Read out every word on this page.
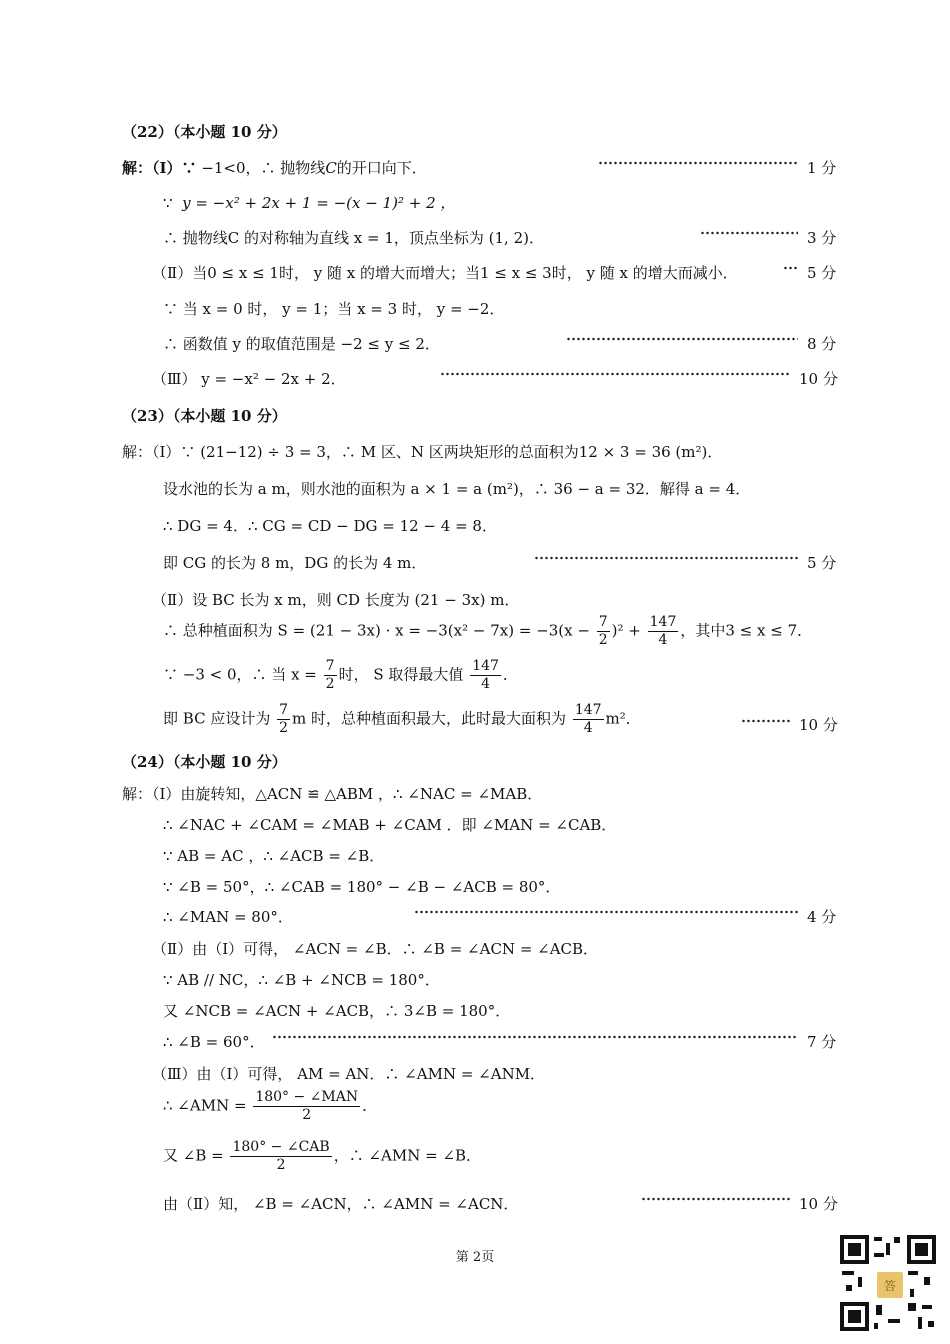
（22）（本小题 10 分）
解：（Ⅰ）∵ −1<0，∴ 抛物线C的开口向下．	1 分
∵ y = −x² + 2x + 1 = −(x − 1)² + 2 ，
∴ 抛物线C 的对称轴为直线 x = 1，顶点坐标为 (1, 2)．	3 分
（Ⅱ）当0 ≤ x ≤ 1时， y 随 x 的增大而增大；当1 ≤ x ≤ 3时， y 随 x 的增大而减小．	5 分
∵ 当 x = 0 时， y = 1；当 x = 3 时， y = −2．
∴ 函数值 y 的取值范围是 −2 ≤ y ≤ 2．	8 分
（Ⅲ） y = −x² − 2x + 2．	10 分
（23）（本小题 10 分）
解：（Ⅰ）∵ (21−12) ÷ 3 = 3，∴ M 区、N 区两块矩形的总面积为12 × 3 = 36 (m²)．
设水池的长为 a m，则水池的面积为 a × 1 = a (m²)，∴ 36 − a = 32．解得 a = 4．
∴ DG = 4．∴ CG = CD − DG = 12 − 4 = 8．
即 CG 的长为 8 m，DG 的长为 4 m．	5 分
（Ⅱ）设 BC 长为 x m，则 CD 长度为 (21 − 3x) m．
∴ 总种植面积为 $S = (21 - 3x) \cdot x = -3(x^2 - 7x) = -3(x - \frac{7}{2} )^2 + \frac{147}{4}$ ，其中3 ≤ x ≤ 7．
∵ −3 < 0，∴ 当 $x = \frac{7}{2}$ 时， S 取得最大值 $\frac{147}{4}$ ．
即 BC 应设计为 $\frac{7}{2}$ m 时，总种植面积最大，此时最大面积为 $\frac{147}{4} m^2$．	10 分
（24）（本小题 10 分）
解：（Ⅰ）由旋转知，△ACN ≌ △ABM ，∴ ∠NAC = ∠MAB．
∴ ∠NAC + ∠CAM = ∠MAB + ∠CAM ．即 ∠MAN = ∠CAB．
∵ AB = AC ，∴ ∠ACB = ∠B．
∵ ∠B = 50°，∴ ∠CAB = 180° − ∠B − ∠ACB = 80°．
∴ ∠MAN = 80°．	4 分
（Ⅱ）由（Ⅰ）可得， ∠ACN = ∠B．∴ ∠B = ∠ACN = ∠ACB．
∵ AB // NC，∴ ∠B + ∠NCB = 180°．
又 ∠NCB = ∠ACN + ∠ACB，∴ 3∠B = 180°．
∴ ∠B = 60°．	7 分
（Ⅲ）由（Ⅰ）可得， AM = AN．∴ ∠AMN = ∠ANM．
∴ ∠AMN = $\frac{\text{180° − ∠MAN}}{2}$ ．
又 ∠B = $\frac{\text{180° − ∠CAB}}{2}$ ，∴ ∠AMN = ∠B．
由（Ⅱ）知， ∠B = ∠ACN，∴ ∠AMN = ∠ACN．	10 分
第 2页
答
